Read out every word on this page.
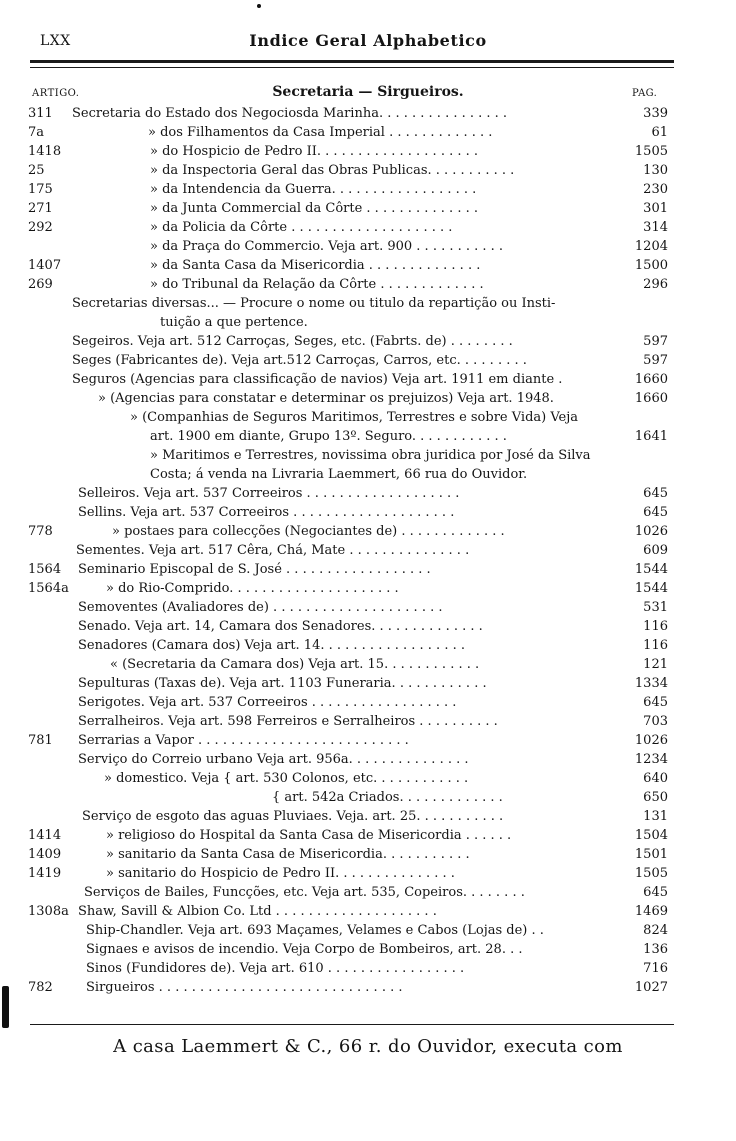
LXX	Indice Geral Alphabetico
ARTIGO.	Secretaria — Sirgueiros.	PAG.
311	Secretaria do Estado dos Negociosda Marinha. . . . . . . . . . . . . . . .	339
7a	» dos Filhamentos da Casa Imperial . . . . . . . . . . . . .	61
1418	» do Hospicio de Pedro II. . . . . . . . . . . . . . . . . . . .	1505
25	» da Inspectoria Geral das Obras Publicas. . . . . . . . . . .	130
175	» da Intendencia da Guerra. . . . . . . . . . . . . . . . . .	230
271	» da Junta Commercial da Côrte . . . . . . . . . . . . . .	301
292	» da Policia da Côrte . . . . . . . . . . . . . . . . . . . .	314
» da Praça do Commercio. Veja art. 900 . . . . . . . . . . .	1204
1407	» da Santa Casa da Misericordia . . . . . . . . . . . . . .	1500
269	» do Tribunal da Relação da Côrte . . . . . . . . . . . . .	296
Secretarias diversas... — Procure o nome ou titulo da repartição ou Insti-
tuição a que pertence.
Segeiros. Veja art. 512 Carroças, Seges, etc. (Fabrts. de) . . . . . . . .	597
Seges (Fabricantes de). Veja art.512 Carroças, Carros, etc. . . . . . . . .	597
Seguros (Agencias para classificação de navios) Veja art. 1911 em diante .	1660
» (Agencias para constatar e determinar os prejuizos) Veja art. 1948.	1660
» (Companhias de Seguros Maritimos, Terrestres e sobre Vida) Veja
art. 1900 em diante, Grupo 13º. Seguro. . . . . . . . . . . .	1641
» Maritimos e Terrestres, novissima obra juridica por José da Silva
Costa; á venda na Livraria Laemmert, 66 rua do Ouvidor.
Selleiros. Veja art. 537 Correeiros . . . . . . . . . . . . . . . . . . .	645
Sellins. Veja art. 537 Correeiros . . . . . . . . . . . . . . . . . . . .	645
778	» postaes para collecções (Negociantes de) . . . . . . . . . . . . .	1026
Sementes. Veja art. 517 Cêra, Chá, Mate . . . . . . . . . . . . . . .	609
1564	Seminario Episcopal de S. José . . . . . . . . . . . . . . . . . .	1544
1564a	» do Rio-Comprido. . . . . . . . . . . . . . . . . . . . .	1544
Semoventes (Avaliadores de) . . . . . . . . . . . . . . . . . . . . .	531
Senado. Veja art. 14, Camara dos Senadores. . . . . . . . . . . . . .	116
Senadores (Camara dos) Veja art. 14. . . . . . . . . . . . . . . . . .	116
« (Secretaria da Camara dos) Veja art. 15. . . . . . . . . . . .	121
Sepulturas (Taxas de). Veja art. 1103 Funeraria. . . . . . . . . . . .	1334
Serigotes. Veja art. 537 Correeiros . . . . . . . . . . . . . . . . . .	645
Serralheiros. Veja art. 598 Ferreiros e Serralheiros . . . . . . . . . .	703
781	Serrarias a Vapor . . . . . . . . . . . . . . . . . . . . . . . . . .	1026
Serviço do Correio urbano Veja art. 956a. . . . . . . . . . . . . . .	1234
» domestico. Veja { art. 530 Colonos, etc. . . . . . . . . . . .	640
{ art. 542a Criados. . . . . . . . . . . . .	650
Serviço de esgoto das aguas Pluviaes. Veja. art. 25. . . . . . . . . . .	131
1414	» religioso do Hospital da Santa Casa de Misericordia . . . . . .	1504
1409	» sanitario da Santa Casa de Misericordia. . . . . . . . . . .	1501
1419	» sanitario do Hospicio de Pedro II. . . . . . . . . . . . . . .	1505
Serviços de Bailes, Funcções, etc. Veja art. 535, Copeiros. . . . . . . .	645
1308a Shaw, Savill & Albion Co. Ltd . . . . . . . . . . . . . . . . . . . .	1469
Ship-Chandler. Veja art. 693 Maçames, Velames e Cabos (Lojas de) . .	824
Signaes e avisos de incendio. Veja Corpo de Bombeiros, art. 28. . .	136
Sinos (Fundidores de). Veja art. 610 . . . . . . . . . . . . . . . . .	716
782	Sirgueiros . . . . . . . . . . . . . . . . . . . . . . . . . . . . . .	1027
A casa Laemmert & C., 66 r. do Ouvidor, executa com
